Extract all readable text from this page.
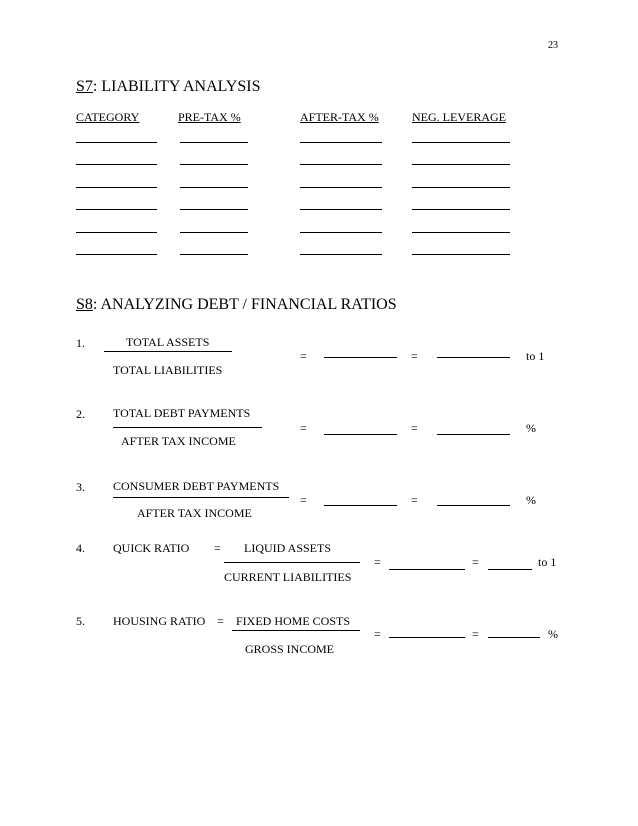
23
S7: LIABILITY ANALYSIS
CATEGORY	PRE-TAX %	AFTER-TAX %	NEG. LEVERAGE
S8: ANALYZING DEBT / FINANCIAL RATIOS
1.	TOTAL ASSETS
TOTAL LIABILITIES
=	=	to 1
2. TOTAL DEBT PAYMENTS
AFTER TAX INCOME
=	=	%
3. CONSUMER DEBT PAYMENTS
AFTER TAX INCOME
=	=	%
4. QUICK RATIO = LIQUID ASSETS
CURRENT LIABILITIES
=	=	to 1
5. HOUSING RATIO = FIXED HOME COSTS
GROSS INCOME
=	=	%
